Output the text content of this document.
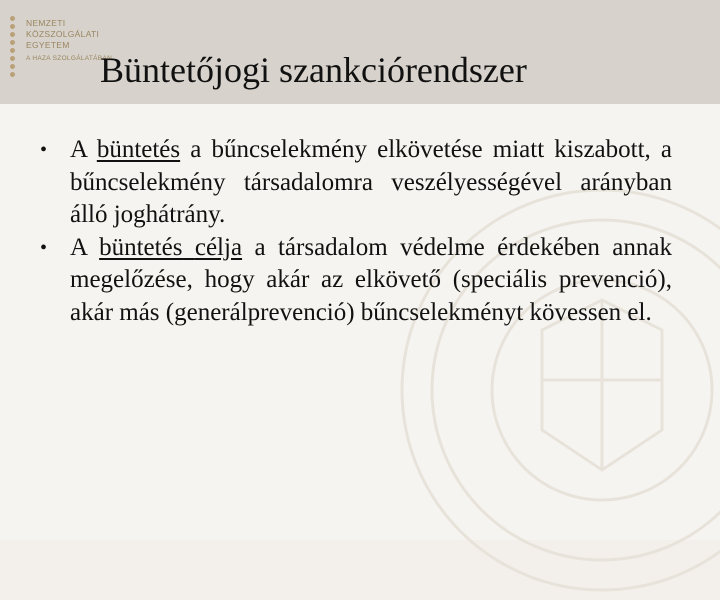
NEMZETI
KÖZSZOLGÁLATI
EGYETEM
A HAZA SZOLGÁLATÁBAN
Büntetőjogi szankciórendszer
• A büntetés a bűncselekmény elkövetése miatt kiszabott, a bűncselekmény társadalomra veszélyességével arányban álló joghátrány.
• A büntetés célja a társadalom védelme érdekében annak megelőzése, hogy akár az elkövető (speciális prevenció), akár más (generálprevenció) bűncselekményt kövessen el.
